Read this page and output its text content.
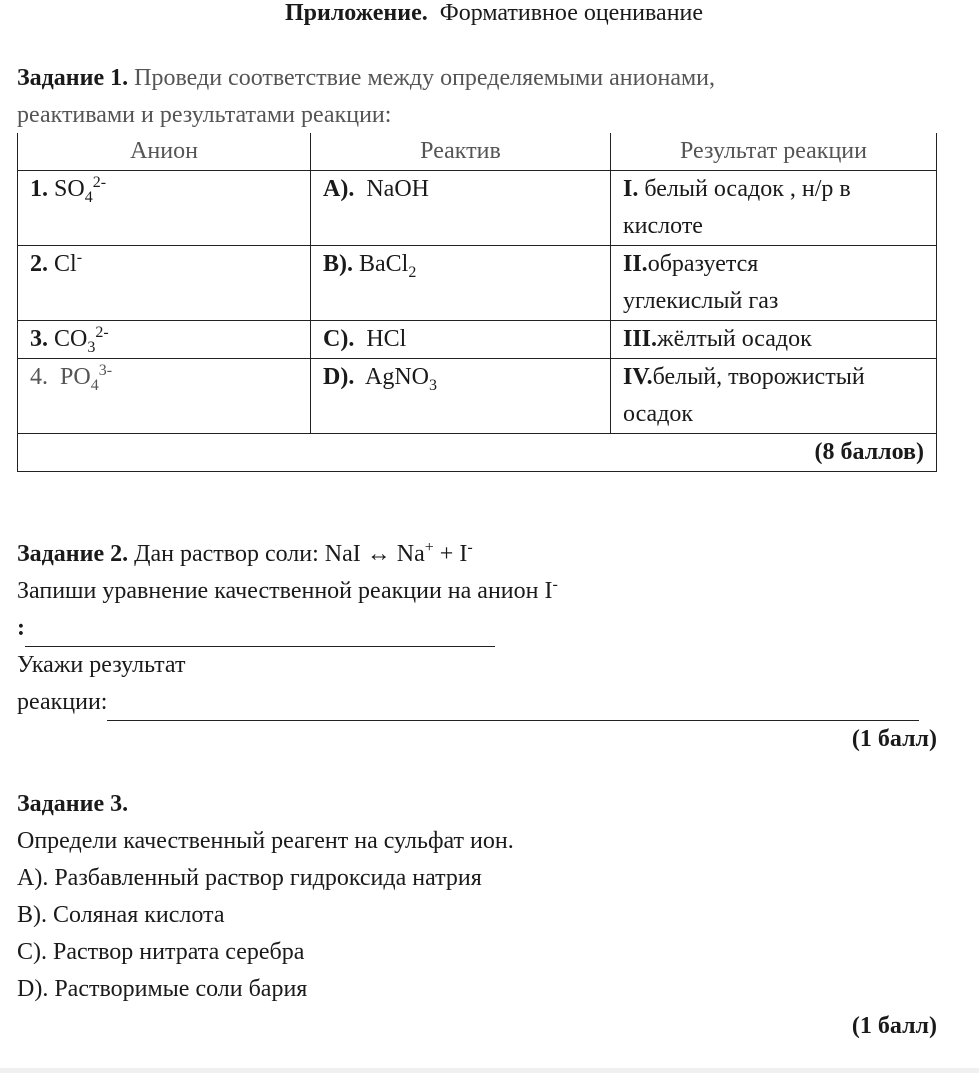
Приложение. Формативное оценивание
Задание 1. Проведи соответствие между определяемыми анионами,
реактивами и результатами реакции:
Анион	Реактив	Результат реакции
1. $SO_4^{2-}$	A). NaOH	I. белый осадок , н/р в
кислоте
2. Cl-	B). BaCl$_2$	II.образуется
углекислый газ
3. $CO_3^{2-}$	C). HCl	III.жёлтый осадок
4. $PO_4^{3-}$	D). AgNO$_3$	IV.белый, творожистый
осадок
(8 баллов)		
Задание 2. Дан раствор соли: NaI ↔ Na+ + I-
Запиши уравнение качественной реакции на анион I-
:
Укажи результат
реакции:
(1 балл)
Задание 3.
Определи качественный реагент на сульфат ион.
А). Разбавленный раствор гидроксида натрия
В). Соляная кислота
С). Раствор нитрата серебра
D). Растворимые соли бария
(1 балл)
